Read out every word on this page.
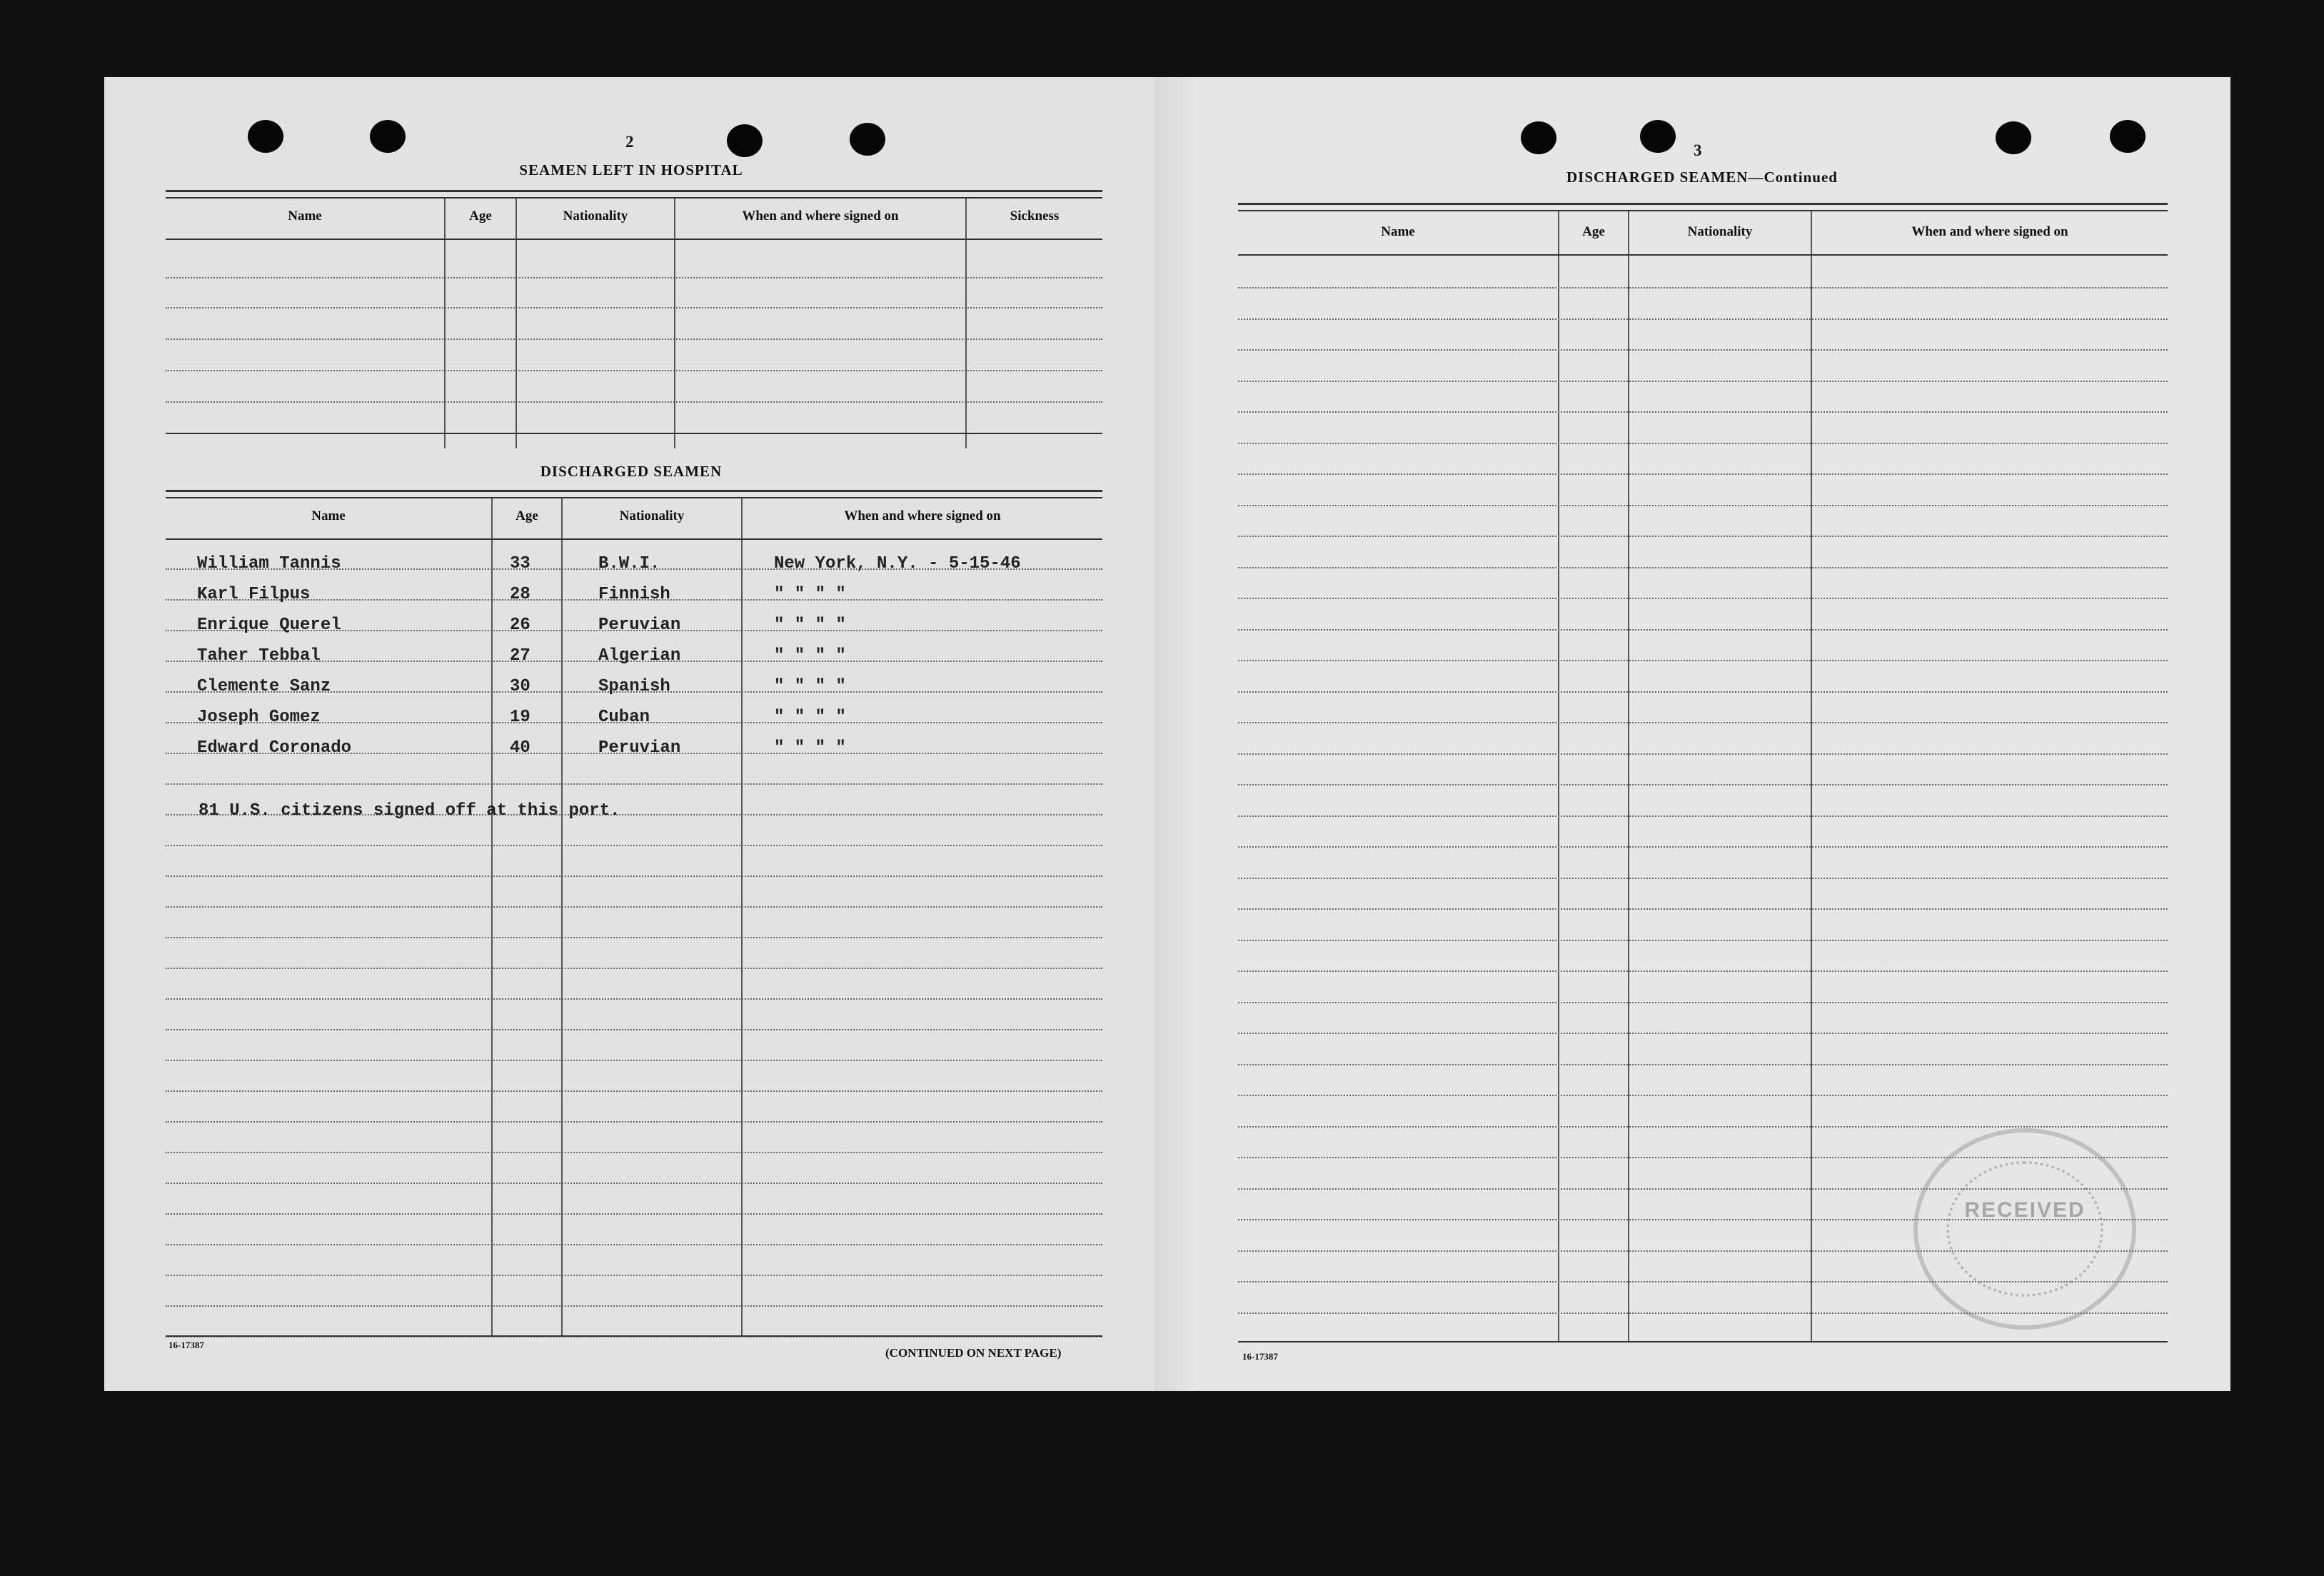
2
SEAMEN LEFT IN HOSPITAL
Name	Age	Nationality	When and where signed on	Sickness
DISCHARGED SEAMEN
Name	Age	Nationality	When and where signed on
William Tannis	33	B.W.I.	New York, N.Y. - 5-15-46
Karl Filpus	28	Finnish	" " " "
Enrique Querel	26	Peruvian	" " " "
Taher Tebbal	27	Algerian	" " " "
Clemente Sanz	30	Spanish	" " " "
Joseph Gomez	19	Cuban	" " " "
Edward Coronado	40	Peruvian	" " " "
81 U.S. citizens signed off at this port.
16-17387
(CONTINUED ON NEXT PAGE)
3
DISCHARGED SEAMEN—Continued
Name	Age	Nationality	When and where signed on
16-17387
RECEIVED
